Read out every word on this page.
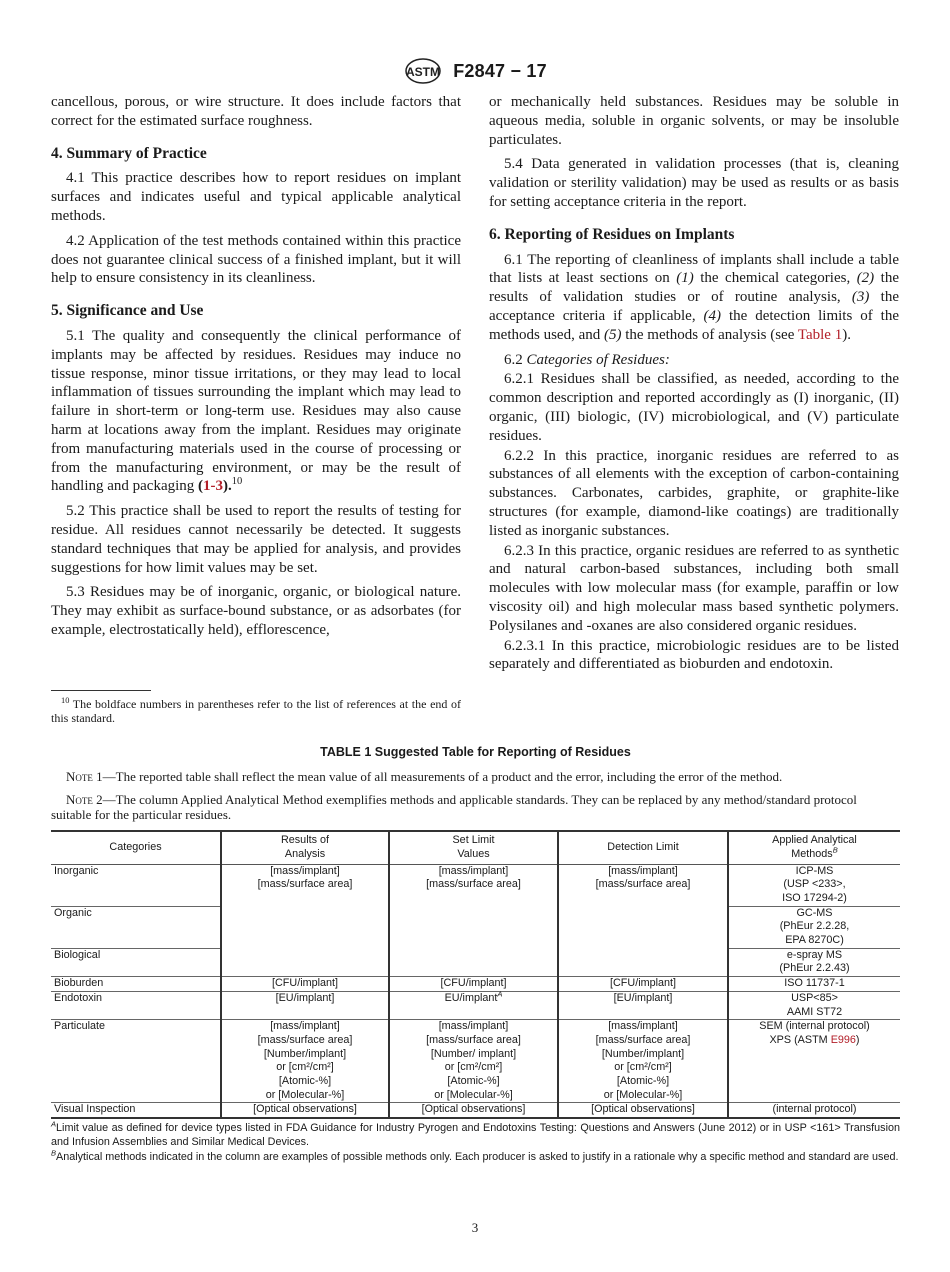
ASTM F2847 − 17

cancellous, porous, or wire structure. It does include factors that correct for the estimated surface roughness.

4. Summary of Practice

4.1 This practice describes how to report residues on implant surfaces and indicates useful and typical applicable analytical methods.

4.2 Application of the test methods contained within this practice does not guarantee clinical success of a finished implant, but it will help to ensure consistency in its cleanliness.

5. Significance and Use

5.1 The quality and consequently the clinical performance of implants may be affected by residues. Residues may induce no tissue response, minor tissue irritations, or they may lead to local inflammation of tissues surrounding the implant which may lead to failure in short-term or long-term use. Residues may also cause harm at locations away from the implant. Residues may originate from manufacturing materials used in the course of processing or from the manufacturing environment, or may be the result of handling and packaging (1-3).$^{10}$

5.2 This practice shall be used to report the results of testing for residue. All residues cannot necessarily be detected. It suggests standard techniques that may be applied for analysis, and provides suggestions for how limit values may be set.

5.3 Residues may be of inorganic, organic, or biological nature. They may exhibit as surface-bound substance, or as adsorbates (for example, electrostatically held), efflorescence,

$^{10}$ The boldface numbers in parentheses refer to the list of references at the end of this standard.

or mechanically held substances. Residues may be soluble in aqueous media, soluble in organic solvents, or may be insoluble particulates.

5.4 Data generated in validation processes (that is, cleaning validation or sterility validation) may be used as results or as basis for setting acceptance criteria in the report.

6. Reporting of Residues on Implants

6.1 The reporting of cleanliness of implants shall include a table that lists at least sections on (1) the chemical categories, (2) the results of validation studies or of routine analysis, (3) the acceptance criteria if applicable, (4) the detection limits of the methods used, and (5) the methods of analysis (see Table 1).

6.2 Categories of Residues:

6.2.1 Residues shall be classified, as needed, according to the common description and reported accordingly as (I) inorganic, (II) organic, (III) biologic, (IV) microbiological, and (V) particulate residues.

6.2.2 In this practice, inorganic residues are referred to as substances of all elements with the exception of carbon-containing substances. Carbonates, carbides, graphite, or graphite-like structures (for example, diamond-like coatings) are traditionally listed as inorganic substances.

6.2.3 In this practice, organic residues are referred to as synthetic and natural carbon-based substances, including both small molecules with low molecular mass (for example, paraffin or low viscosity oil) and high molecular mass based synthetic polymers. Polysilanes and -oxanes are also considered organic residues.

6.2.3.1 In this practice, microbiologic residues are to be listed separately and differentiated as bioburden and endotoxin.

TABLE 1 Suggested Table for Reporting of Residues

Note 1—The reported table shall reflect the mean value of all measurements of a product and the error, including the error of the method.

Note 2—The column Applied Analytical Method exemplifies methods and applicable standards. They can be replaced by any method/standard protocol suitable for the particular residues.

Categories	Results of
Analysis	Set Limit
Values	Detection Limit	Applied Analytical
Methods$^B$
Inorganic	[mass/implant]
[mass/surface area]	[mass/implant]
[mass/surface area]	[mass/implant]
[mass/surface area]	ICP-MS
(USP <233>,
ISO 17294-2)
Organic				GC-MS
(PhEur 2.2.28,
EPA 8270C)
Biological				e-spray MS
(PhEur 2.2.43)
Bioburden	[CFU/implant]	[CFU/implant]	[CFU/implant]	ISO 11737-1
Endotoxin	[EU/implant]	EU/implant$^A$	[EU/implant]	USP<85>
AAMI ST72
Particulate	[mass/implant]
[mass/surface area]
[Number/implant]
or [cm²/cm²]
[Atomic-%]
or [Molecular-%]	[mass/implant]
[mass/surface area]
[Number/ implant]
or [cm²/cm²]
[Atomic-%]
or [Molecular-%]	[mass/implant]
[mass/surface area]
[Number/implant]
or [cm²/cm²]
[Atomic-%]
or [Molecular-%]	SEM (internal protocol)
XPS (ASTM E996)
Visual Inspection	[Optical observations]	[Optical observations]	[Optical observations]	(internal protocol)

$^A$Limit value as defined for device types listed in FDA Guidance for Industry Pyrogen and Endotoxins Testing: Questions and Answers (June 2012) or in USP <161> Transfusion and Infusion Assemblies and Similar Medical Devices.

$^B$Analytical methods indicated in the column are examples of possible methods only. Each producer is asked to justify in a rationale why a specific method and standard are used.

3
